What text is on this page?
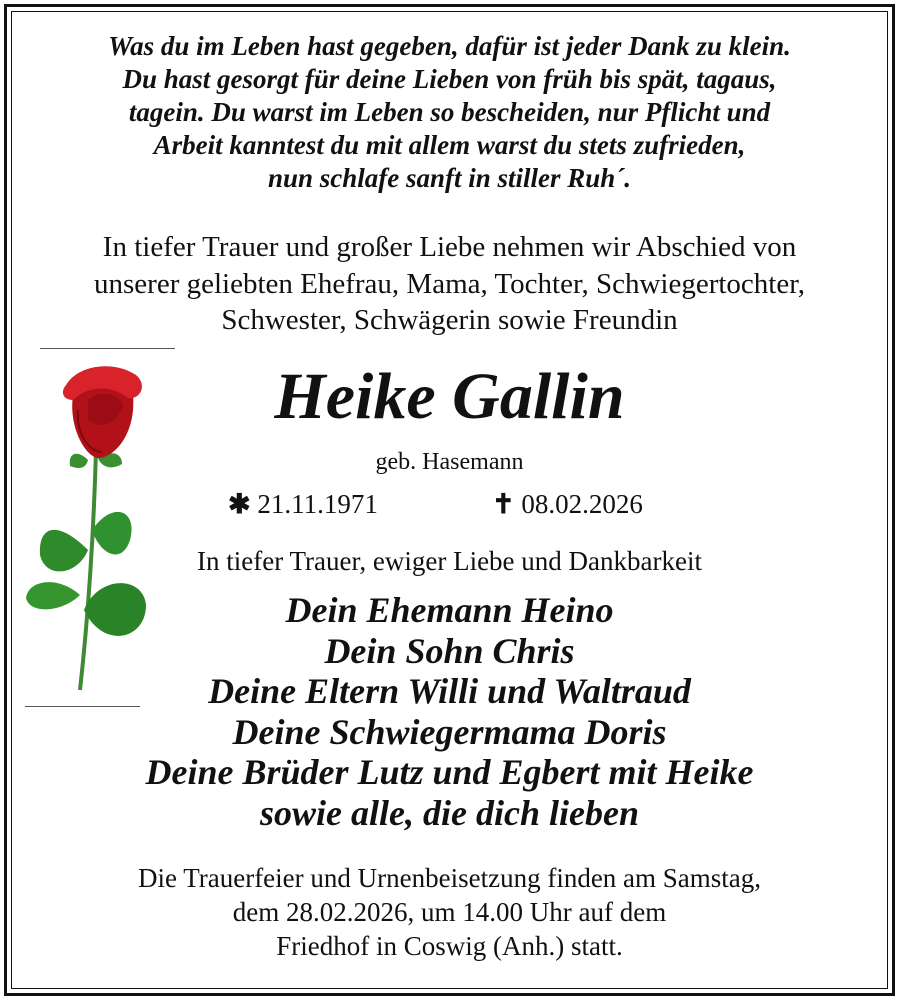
Was du im Leben hast gegeben, dafür ist jeder Dank zu klein.
Du hast gesorgt für deine Lieben von früh bis spät, tagaus,
tagein. Du warst im Leben so bescheiden, nur Pflicht und
Arbeit kanntest du mit allem warst du stets zufrieden,
nun schlafe sanft in stiller Ruh´.
In tiefer Trauer und großer Liebe nehmen wir Abschied von
unserer geliebten Ehefrau, Mama, Tochter, Schwiegertochter,
Schwester, Schwägerin sowie Freundin
Heike Gallin
geb. Hasemann
✱ 21.11.1971	✝ 08.02.2026
In tiefer Trauer, ewiger Liebe und Dankbarkeit
Dein Ehemann Heino
Dein Sohn Chris
Deine Eltern Willi und Waltraud
Deine Schwiegermama Doris
Deine Brüder Lutz und Egbert mit Heike
sowie alle, die dich lieben
Die Trauerfeier und Urnenbeisetzung finden am Samstag,
dem 28.02.2026, um 14.00 Uhr auf dem
Friedhof in Coswig (Anh.) statt.
